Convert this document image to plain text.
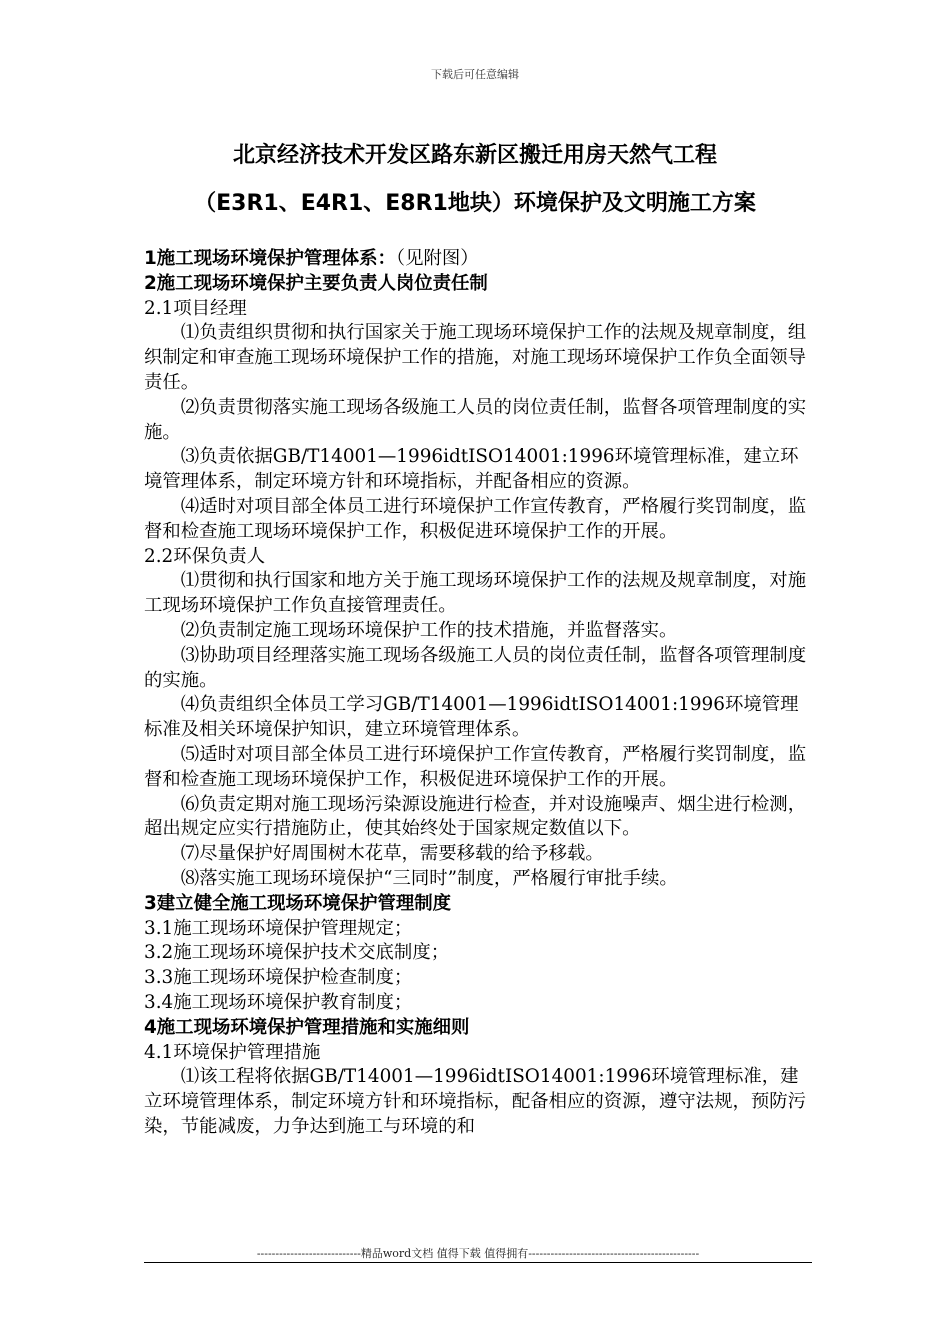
下载后可任意编辑
北京经济技术开发区路东新区搬迁用房天然气工程
（E3R1、E4R1、E8R1地块）环境保护及文明施工方案

1施工现场环境保护管理体系：（见附图）

2施工现场环境保护主要负责人岗位责任制

2.1项目经理

⑴负责组织贯彻和执行国家关于施工现场环境保护工作的法规及规章制度，组织制定和审查施工现场环境保护工作的措施，对施工现场环境保护工作负全面领导责任。

⑵负责贯彻落实施工现场各级施工人员的岗位责任制，监督各项管理制度的实施。

⑶负责依据GB/T14001—1996idtISO14001:1996环境管理标准，建立环境管理体系，制定环境方针和环境指标，并配备相应的资源。

⑷适时对项目部全体员工进行环境保护工作宣传教育，严格履行奖罚制度，监督和检查施工现场环境保护工作，积极促进环境保护工作的开展。

2.2环保负责人

⑴贯彻和执行国家和地方关于施工现场环境保护工作的法规及规章制度，对施工现场环境保护工作负直接管理责任。

⑵负责制定施工现场环境保护工作的技术措施，并监督落实。

⑶协助项目经理落实施工现场各级施工人员的岗位责任制，监督各项管理制度的实施。

⑷负责组织全体员工学习GB/T14001—1996idtISO14001:1996环境管理标准及相关环境保护知识，建立环境管理体系。

⑸适时对项目部全体员工进行环境保护工作宣传教育，严格履行奖罚制度，监督和检查施工现场环境保护工作，积极促进环境保护工作的开展。

⑹负责定期对施工现场污染源设施进行检查，并对设施噪声、烟尘进行检测，超出规定应实行措施防止，使其始终处于国家规定数值以下。

⑺尽量保护好周围树木花草，需要移载的给予移载。

⑻落实施工现场环境保护“三同时”制度，严格履行审批手续。

3建立健全施工现场环境保护管理制度

3.1施工现场环境保护管理规定；

3.2施工现场环境保护技术交底制度；

3.3施工现场环境保护检查制度；

3.4施工现场环境保护教育制度；

4施工现场环境保护管理措施和实施细则

4.1环境保护管理措施

⑴该工程将依据GB/T14001—1996idtISO14001:1996环境管理标准，建立环境管理体系，制定环境方针和环境指标，配备相应的资源，遵守法规，预防污染，节能减废，力争达到施工与环境的和

----------------------------精品word文档 值得下载 值得拥有----------------------------------------------
